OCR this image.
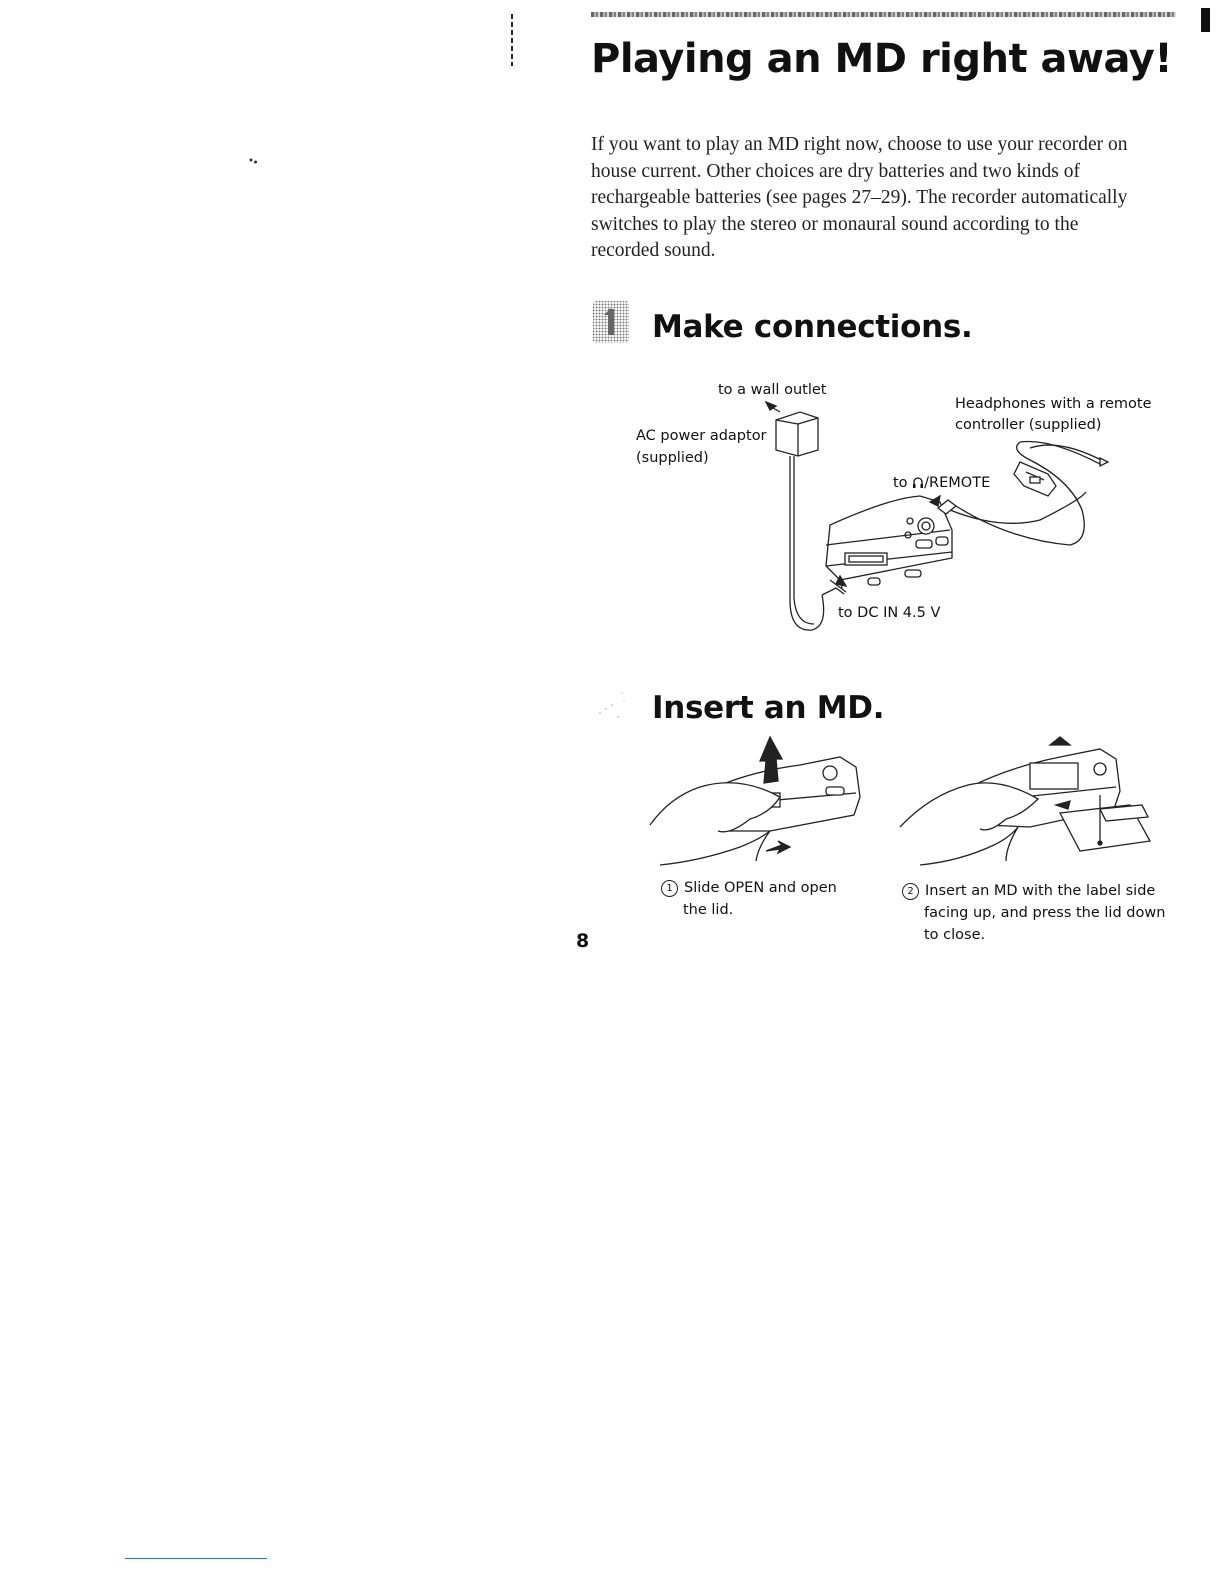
Playing an MD right away!

If you want to play an MD right now, choose to use your recorder on house current. Other choices are dry batteries and two kinds of rechargeable batteries (see pages 27–29). The recorder automatically switches to play the stereo or monaural sound according to the recorded sound.

Make connections.
to a wall outlet
AC power adaptor
(supplied)
Headphones with a remote
controller (supplied)
to /REMOTE
to DC IN 4.5 V
Insert an MD.
1 Slide OPEN and open
the lid.
2 Insert an MD with the label side
facing up, and press the lid down
to close.
8
